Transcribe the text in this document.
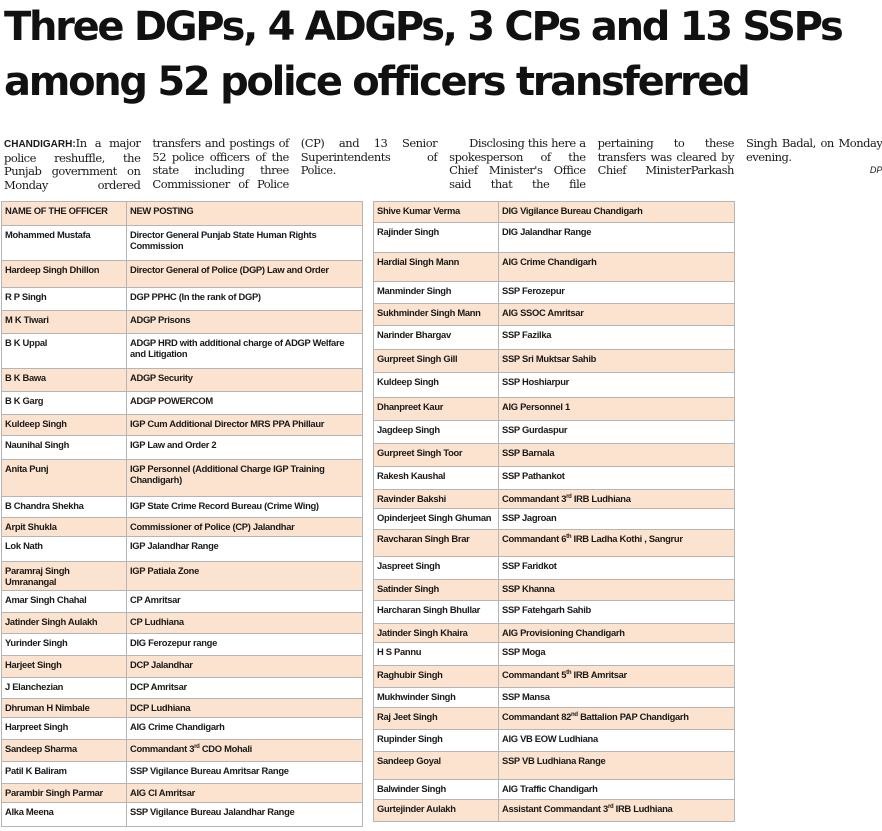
Three DGPs, 4 ADGPs, 3 CPs and 13 SSPs
among 52 police officers transferred

CHANDIGARH:In a major police reshuffle, the Punjab government on Monday ordered transfers and postings of 52 police officers of the state including three Commissioner of Police (CP) and 13 Senior Superintendents of Police.

Disclosing this here a spokesperson of the Chief Minister's Office said that the file pertaining to these transfers was cleared by Chief MinisterParkash Singh Badal, on Monday evening.

DP
NAME OF THE OFFICER	NEW POSTING
Mohammed Mustafa	Director General Punjab State Human Rights Commission
Hardeep Singh Dhillon	Director General of Police (DGP) Law and Order
R P Singh	DGP PPHC (In the rank of DGP)
M K Tiwari	ADGP Prisons
B K Uppal	ADGP HRD with additional charge of ADGP Welfare and Litigation
B K Bawa	ADGP Security
B K Garg	ADGP POWERCOM
Kuldeep Singh	IGP Cum Additional Director MRS PPA Phillaur
Naunihal Singh	IGP Law and Order 2
Anita Punj	IGP Personnel (Additional Charge IGP Training Chandigarh)
B Chandra Shekha	IGP State Crime Record Bureau (Crime Wing)
Arpit Shukla	Commissioner of Police (CP) Jalandhar
Lok Nath	IGP Jalandhar Range
Paramraj Singh Umranangal	IGP Patiala Zone
Amar Singh Chahal	CP Amritsar
Jatinder Singh Aulakh	CP Ludhiana
Yurinder Singh	DIG Ferozepur range
Harjeet Singh	DCP Jalandhar
J Elanchezian	DCP Amritsar
Dhruman H Nimbale	DCP Ludhiana
Harpreet Singh	AIG Crime Chandigarh
Sandeep Sharma	Commandant 3rd CDO Mohali
Patil K Baliram	SSP Vigilance Bureau Amritsar Range
Parambir Singh Parmar	AIG CI Amritsar
Alka Meena	SSP Vigilance Bureau Jalandhar Range
Shive Kumar Verma	DIG Vigilance Bureau Chandigarh
Rajinder Singh	DIG Jalandhar Range
Hardial Singh Mann	AIG Crime Chandigarh
Manminder Singh	SSP Ferozepur
Sukhminder Singh Mann	AIG SSOC Amritsar
Narinder Bhargav	SSP Fazilka
Gurpreet Singh Gill	SSP Sri Muktsar Sahib
Kuldeep Singh	SSP Hoshiarpur
Dhanpreet Kaur	AIG Personnel 1
Jagdeep Singh	SSP Gurdaspur
Gurpreet Singh Toor	SSP Barnala
Rakesh Kaushal	SSP Pathankot
Ravinder Bakshi	Commandant 3rd IRB Ludhiana
Opinderjeet Singh Ghuman	SSP Jagroan
Ravcharan Singh Brar	Commandant 6th IRB Ladha Kothi , Sangrur
Jaspreet Singh	SSP Faridkot
Satinder Singh	SSP Khanna
Harcharan Singh Bhullar	SSP Fatehgarh Sahib
Jatinder Singh Khaira	AIG Provisioning Chandigarh
H S Pannu	SSP Moga
Raghubir Singh	Commandant 5th IRB Amritsar
Mukhwinder Singh	SSP Mansa
Raj Jeet Singh	Commandant 82nd Battalion PAP Chandigarh
Rupinder Singh	AIG VB EOW Ludhiana
Sandeep Goyal	SSP VB Ludhiana Range
Balwinder Singh	AIG Traffic Chandigarh
Gurtejinder Aulakh	Assistant Commandant 3rd IRB Ludhiana
